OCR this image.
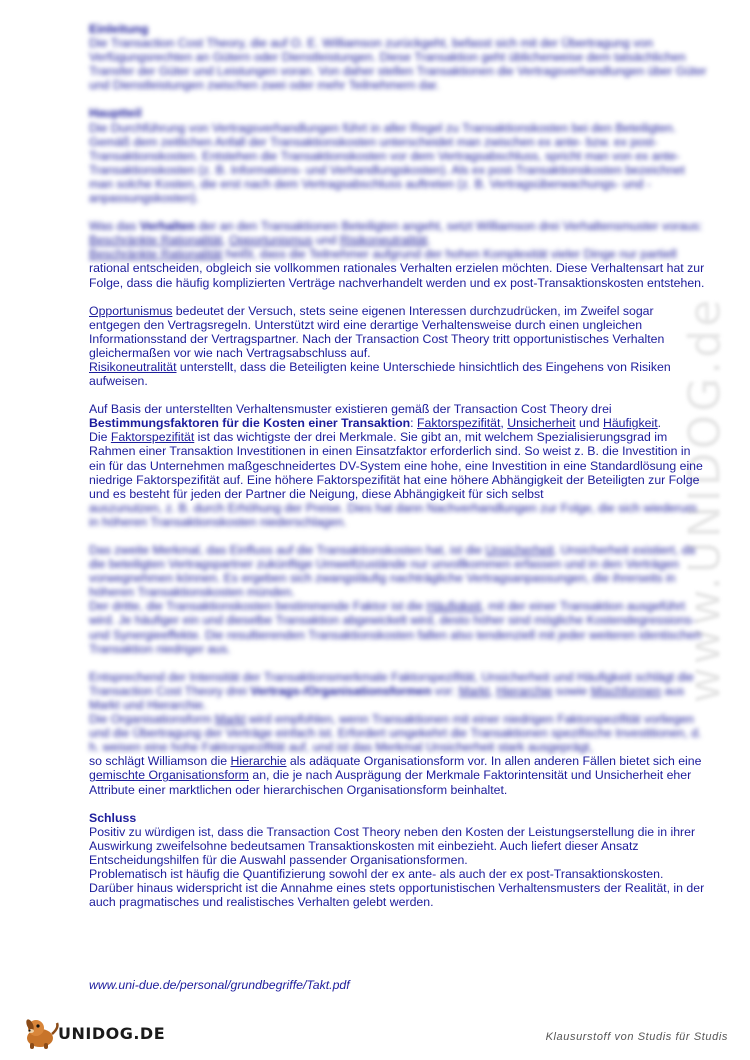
www.UNIDOG.de

Einleitung

Die Transaction Cost Theory, die auf O. E. Williamson zurückgeht, befasst sich mit der Übertragung von Verfügungsrechten an Gütern oder Dienstleistungen. Diese Transaktion geht üblicherweise dem tatsächlichen Transfer der Güter und Leistungen voran. Von daher stellen Transaktionen die Vertragsverhandlungen über Güter und Dienstleistungen zwischen zwei oder mehr Teilnehmern dar.

Hauptteil

Die Durchführung von Vertragsverhandlungen führt in aller Regel zu Transaktionskosten bei den Beteiligten. Gemäß dem zeitlichen Anfall der Transaktionskosten unterscheidet man zwischen ex ante- bzw. ex post-Transaktionskosten. Entstehen die Transaktionskosten vor dem Vertragsabschluss, spricht man von ex ante-Transaktionskosten (z. B. Informations- und Verhandlungskosten). Als ex post-Transaktionskosten bezeichnet man solche Kosten, die erst nach dem Vertragsabschluss auftreten (z. B. Vertragsüberwachungs- und -anpassungskosten).

Was das Verhalten der an den Transaktionen Beteiligten angeht, setzt Williamson drei Verhaltensmuster voraus: Beschränkte Rationalität, Opportunismus und Risikoneutralität.

Beschränkte Rationalität heißt, dass die Teilnehmer aufgrund der hohen Komplexität vieler Dinge nur partiell

rational entscheiden, obgleich sie vollkommen rationales Verhalten erzielen möchten. Diese Verhaltensart hat zur Folge, dass die häufig komplizierten Verträge nachverhandelt werden und ex post-Transaktionskosten entstehen.

Opportunismus bedeutet der Versuch, stets seine eigenen Interessen durchzudrücken, im Zweifel sogar entgegen den Vertragsregeln. Unterstützt wird eine derartige Verhaltensweise durch einen ungleichen Informationsstand der Vertragspartner. Nach der Transaction Cost Theory tritt opportunistisches Verhalten gleichermaßen vor wie nach Vertragsabschluss auf.

Risikoneutralität unterstellt, dass die Beteiligten keine Unterschiede hinsichtlich des Eingehens von Risiken aufweisen.

Auf Basis der unterstellten Verhaltensmuster existieren gemäß der Transaction Cost Theory drei Bestimmungsfaktoren für die Kosten einer Transaktion: Faktorspezifität, Unsicherheit und Häufigkeit.

Die Faktorspezifität ist das wichtigste der drei Merkmale. Sie gibt an, mit welchem Spezialisierungsgrad im Rahmen einer Transaktion Investitionen in einen Einsatzfaktor erforderlich sind. So weist z. B. die Investition in ein für das Unternehmen maßgeschneidertes DV-System eine hohe, eine Investition in eine Standardlösung eine niedrige Faktorspezifität auf. Eine höhere Faktorspezifität hat eine höhere Abhängigkeit der Beteiligten zur Folge und es besteht für jeden der Partner die Neigung, diese Abhängigkeit für sich selbst

auszunutzen, z. B. durch Erhöhung der Preise. Dies hat dann Nachverhandlungen zur Folge, die sich wiederum in höheren Transaktionskosten niederschlagen.

Das zweite Merkmal, das Einfluss auf die Transaktionskosten hat, ist die Unsicherheit. Unsicherheit existiert, da die beteiligten Vertragspartner zukünftige Umweltzustände nur unvollkommen erfassen und in den Verträgen vorwegnehmen können. Es ergeben sich zwangsläufig nachträgliche Vertragsanpassungen, die ihrerseits in höheren Transaktionskosten münden.

Der dritte, die Transaktionskosten bestimmende Faktor ist die Häufigkeit, mit der einer Transaktion ausgeführt wird. Je häufiger ein und dieselbe Transaktion abgewickelt wird, desto höher sind mögliche Kostendegressions- und Synergieeffekte. Die resultierenden Transaktionskosten fallen also tendenziell mit jeder weiteren identischen Transaktion niedriger aus.

Entsprechend der Intensität der Transaktionsmerkmale Faktorspezifität, Unsicherheit und Häufigkeit schlägt die Transaction Cost Theory drei Vertrags-/Organisationsformen vor: Markt, Hierarchie sowie Mischformen aus Markt und Hierarchie.

Die Organisationsform Markt wird empfohlen, wenn Transaktionen mit einer niedrigen Faktorspezifität vorliegen und die Übertragung der Verträge einfach ist. Erfordert umgekehrt die Transaktionen spezifische Investitionen, d. h. weisen eine hohe Faktorspezifität auf, und ist das Merkmal Unsicherheit stark ausgeprägt,

so schlägt Williamson die Hierarchie als adäquate Organisationsform vor. In allen anderen Fällen bietet sich eine gemischte Organisationsform an, die je nach Ausprägung der Merkmale Faktorintensität und Unsicherheit eher Attribute einer marktlichen oder hierarchischen Organisationsform beinhaltet.

Schluss

Positiv zu würdigen ist, dass die Transaction Cost Theory neben den Kosten der Leistungserstellung die in ihrer Auswirkung zweifelsohne bedeutsamen Transaktionskosten mit einbezieht. Auch liefert dieser Ansatz Entscheidungshilfen für die Auswahl passender Organisationsformen.

Problematisch ist häufig die Quantifizierung sowohl der ex ante- als auch der ex post-Transaktionskosten. Darüber hinaus widerspricht ist die Annahme eines stets opportunistischen Verhaltensmusters der Realität, in der auch pragmatisches und realistisches Verhalten gelebt werden.

www.uni-due.de/personal/grundbegriffe/Takt.pdf
UNIDOG.DE	Klausurstoff von Studis für Studis
